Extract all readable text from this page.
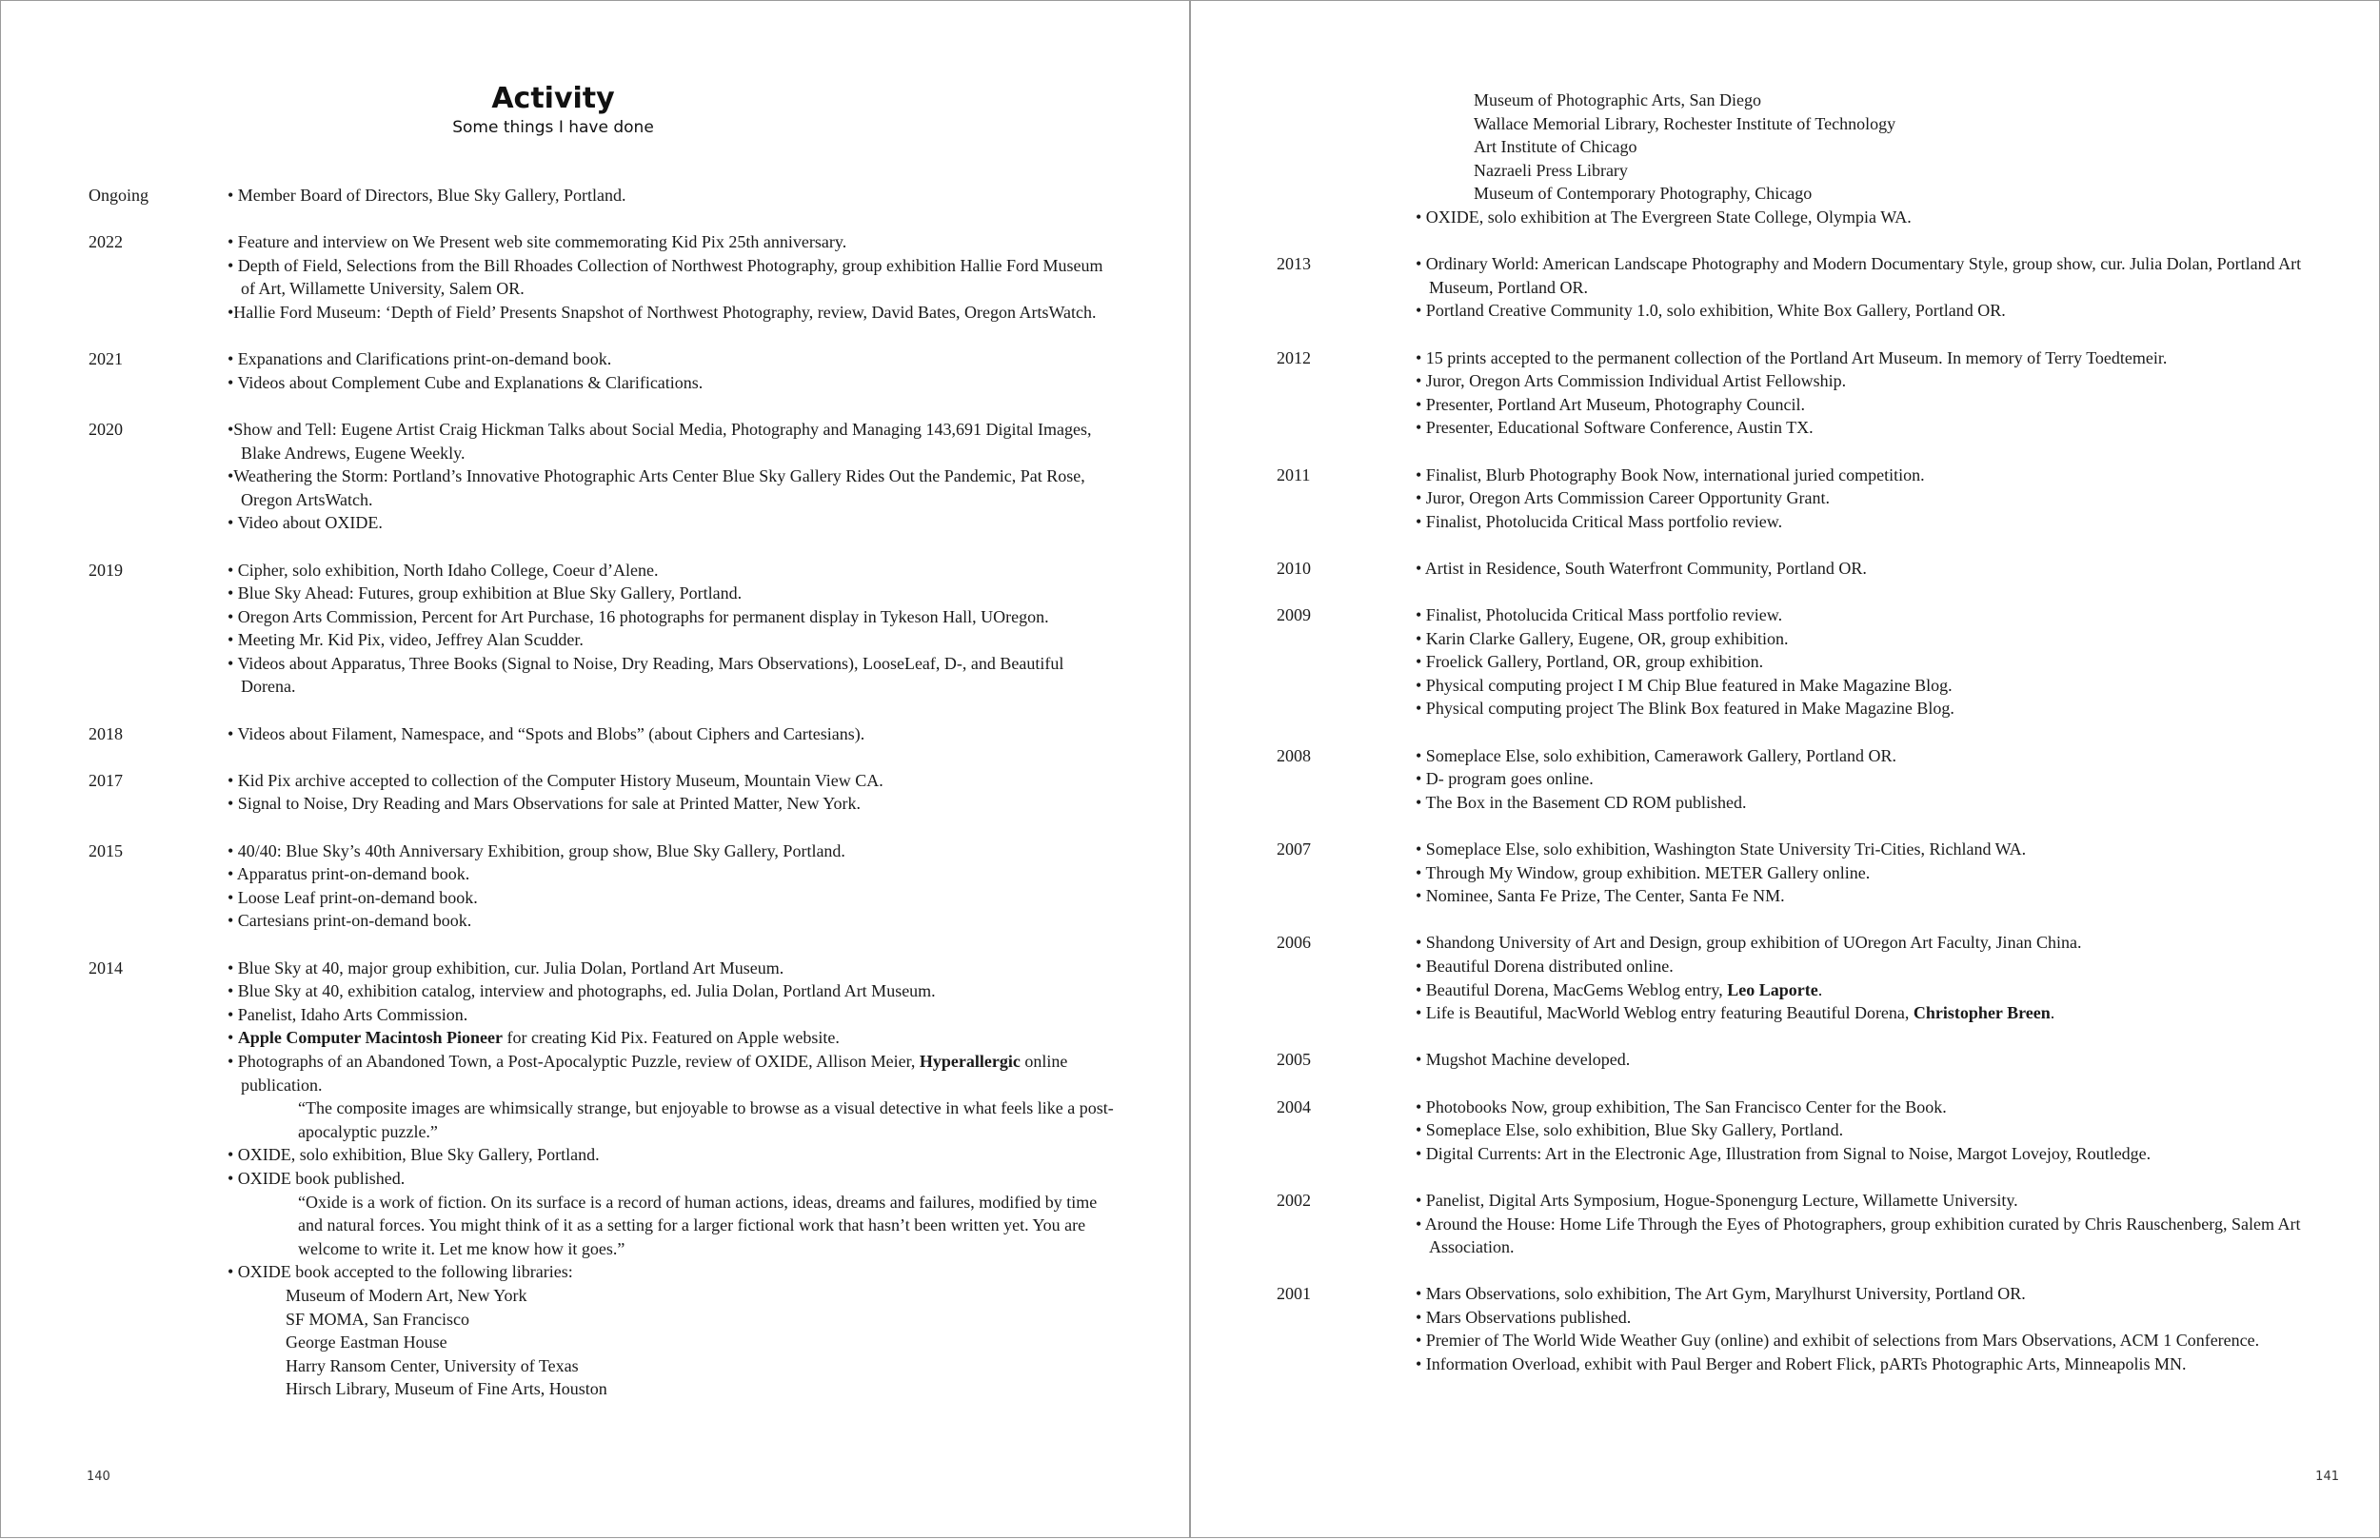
Activity
Some things I have done
Ongoing	• Member Board of Directors, Blue Sky Gallery, Portland.
2022	• Feature and interview on We Present web site commemorating Kid Pix 25th anniversary.
• Depth of Field, Selections from the Bill Rhoades Collection of Northwest Photography, group exhibition Hallie Ford Museum of Art, Willamette University, Salem OR.
•Hallie Ford Museum: ‘Depth of Field’ Presents Snapshot of Northwest Photography, review, David Bates, Oregon ArtsWatch.
2021	• Expanations and Clarifications print-on-demand book.
• Videos about Complement Cube and Explanations & Clarifications.
2020	•Show and Tell: Eugene Artist Craig Hickman Talks about Social Media, Photography and Managing 143,691 Digital Images, Blake Andrews, Eugene Weekly.
•Weathering the Storm: Portland’s Innovative Photographic Arts Center Blue Sky Gallery Rides Out the Pandemic, Pat Rose, Oregon ArtsWatch.
• Video about OXIDE.
2019	• Cipher, solo exhibition, North Idaho College, Coeur d’Alene.
• Blue Sky Ahead: Futures, group exhibition at Blue Sky Gallery, Portland.
• Oregon Arts Commission, Percent for Art Purchase, 16 photographs for permanent display in Tykeson Hall, UOregon.
• Meeting Mr. Kid Pix, video, Jeffrey Alan Scudder.
• Videos about Apparatus, Three Books (Signal to Noise, Dry Reading, Mars Observations), LooseLeaf, D-, and Beautiful Dorena.
2018	• Videos about Filament, Namespace, and “Spots and Blobs” (about Ciphers and Cartesians).
2017	• Kid Pix archive accepted to collection of the Computer History Museum, Mountain View CA.
• Signal to Noise, Dry Reading and Mars Observations for sale at Printed Matter, New York.
2015	• 40/40: Blue Sky’s 40th Anniversary Exhibition, group show, Blue Sky Gallery, Portland.
• Apparatus print-on-demand book.
• Loose Leaf print-on-demand book.
• Cartesians print-on-demand book.
2014	• Blue Sky at 40, major group exhibition, cur. Julia Dolan, Portland Art Museum.
• Blue Sky at 40, exhibition catalog, interview and photographs, ed. Julia Dolan, Portland Art Museum.
• Panelist, Idaho Arts Commission.
• Apple Computer Macintosh Pioneer for creating Kid Pix. Featured on Apple website.
• Photographs of an Abandoned Town, a Post-Apocalyptic Puzzle, review of OXIDE, Allison Meier, Hyperallergic online publication.
“The composite images are whimsically strange, but enjoyable to browse as a visual detective in what feels like a post-apocalyptic puzzle.”
• OXIDE, solo exhibition, Blue Sky Gallery, Portland.
• OXIDE book published.
“Oxide is a work of fiction. On its surface is a record of human actions, ideas, dreams and failures, modified by time and natural forces. You might think of it as a setting for a larger fictional work that hasn’t been written yet. You are welcome to write it. Let me know how it goes.”
• OXIDE book accepted to the following libraries:
Museum of Modern Art, New York
SF MOMA, San Francisco
George Eastman House
Harry Ransom Center, University of Texas
Hirsch Library, Museum of Fine Arts, Houston
140
Museum of Photographic Arts, San Diego
Wallace Memorial Library, Rochester Institute of Technology
Art Institute of Chicago
Nazraeli Press Library
Museum of Contemporary Photography, Chicago
• OXIDE, solo exhibition at The Evergreen State College, Olympia WA.
2013	• Ordinary World: American Landscape Photography and Modern Documentary Style, group show, cur. Julia Dolan, Portland Art Museum, Portland OR.
• Portland Creative Community 1.0, solo exhibition, White Box Gallery, Portland OR.
2012	• 15 prints accepted to the permanent collection of the Portland Art Museum. In memory of Terry Toedtemeir.
• Juror, Oregon Arts Commission Individual Artist Fellowship.
• Presenter, Portland Art Museum, Photography Council.
• Presenter, Educational Software Conference, Austin TX.
2011	• Finalist, Blurb Photography Book Now, international juried competition.
• Juror, Oregon Arts Commission Career Opportunity Grant.
• Finalist, Photolucida Critical Mass portfolio review.
2010	• Artist in Residence, South Waterfront Community, Portland OR.
2009	• Finalist, Photolucida Critical Mass portfolio review.
• Karin Clarke Gallery, Eugene, OR, group exhibition.
• Froelick Gallery, Portland, OR, group exhibition.
• Physical computing project I M Chip Blue featured in Make Magazine Blog.
• Physical computing project The Blink Box featured in Make Magazine Blog.
2008	• Someplace Else, solo exhibition, Camerawork Gallery, Portland OR.
• D- program goes online.
• The Box in the Basement CD ROM published.
2007	• Someplace Else, solo exhibition, Washington State University Tri-Cities, Richland WA.
• Through My Window, group exhibition. METER Gallery online.
• Nominee, Santa Fe Prize, The Center, Santa Fe NM.
2006	• Shandong University of Art and Design, group exhibition of UOregon Art Faculty, Jinan China.
• Beautiful Dorena distributed online.
• Beautiful Dorena, MacGems Weblog entry, Leo Laporte.
• Life is Beautiful, MacWorld Weblog entry featuring Beautiful Dorena, Christopher Breen.
2005	• Mugshot Machine developed.
2004	• Photobooks Now, group exhibition, The San Francisco Center for the Book.
• Someplace Else, solo exhibition, Blue Sky Gallery, Portland.
• Digital Currents: Art in the Electronic Age, Illustration from Signal to Noise, Margot Lovejoy, Routledge.
2002	• Panelist, Digital Arts Symposium, Hogue-Sponengurg Lecture, Willamette University.
• Around the House: Home Life Through the Eyes of Photographers, group exhibition curated by Chris Rauschenberg, Salem Art Association.
2001	• Mars Observations, solo exhibition, The Art Gym, Marylhurst University, Portland OR.
• Mars Observations published.
• Premier of The World Wide Weather Guy (online) and exhibit of selections from Mars Observations, ACM 1 Conference.
• Information Overload, exhibit with Paul Berger and Robert Flick, pARTs Photographic Arts, Minneapolis MN.
141
